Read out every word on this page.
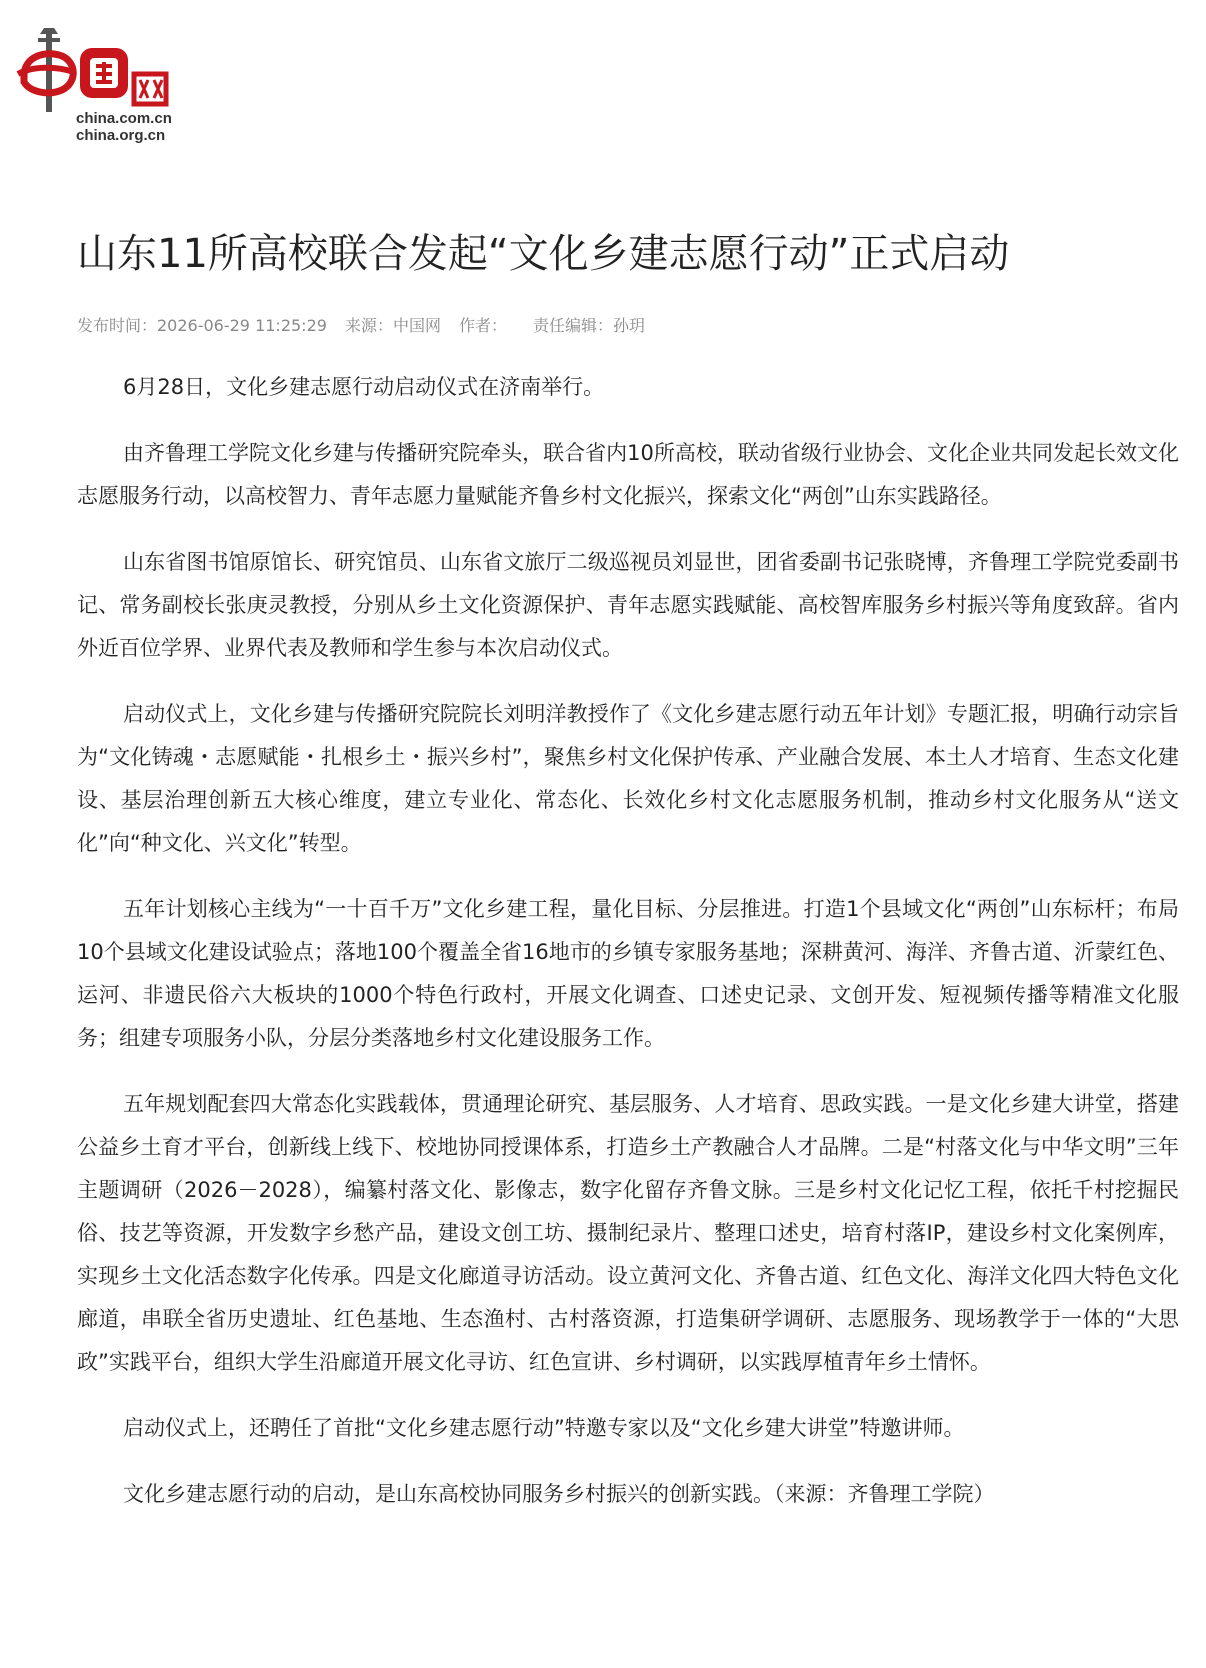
china.com.cn
china.org.cn
山东11所高校联合发起“文化乡建志愿行动”正式启动
发布时间：2026-06-29 11:25:29 来源：中国网 作者： 责任编辑：孙玥

6月28日，文化乡建志愿行动启动仪式在济南举行。

由齐鲁理工学院文化乡建与传播研究院牵头，联合省内10所高校，联动省级行业协会、文化企业共同发起长效文化志愿服务行动，以高校智力、青年志愿力量赋能齐鲁乡村文化振兴，探索文化“两创”山东实践路径。

山东省图书馆原馆长、研究馆员、山东省文旅厅二级巡视员刘显世，团省委副书记张晓博，齐鲁理工学院党委副书记、常务副校长张庚灵教授，分别从乡土文化资源保护、青年志愿实践赋能、高校智库服务乡村振兴等角度致辞。省内外近百位学界、业界代表及教师和学生参与本次启动仪式。

启动仪式上，文化乡建与传播研究院院长刘明洋教授作了《文化乡建志愿行动五年计划》专题汇报，明确行动宗旨为“文化铸魂・志愿赋能・扎根乡土・振兴乡村”，聚焦乡村文化保护传承、产业融合发展、本土人才培育、生态文化建设、基层治理创新五大核心维度，建立专业化、常态化、长效化乡村文化志愿服务机制，推动乡村文化服务从“送文化”向“种文化、兴文化”转型。

五年计划核心主线为“一十百千万”文化乡建工程，量化目标、分层推进。打造1个县域文化“两创”山东标杆；布局10个县域文化建设试验点；落地100个覆盖全省16地市的乡镇专家服务基地；深耕黄河、海洋、齐鲁古道、沂蒙红色、运河、非遗民俗六大板块的1000个特色行政村，开展文化调查、口述史记录、文创开发、短视频传播等精准文化服务；组建专项服务小队，分层分类落地乡村文化建设服务工作。

五年规划配套四大常态化实践载体，贯通理论研究、基层服务、人才培育、思政实践。一是文化乡建大讲堂，搭建公益乡土育才平台，创新线上线下、校地协同授课体系，打造乡土产教融合人才品牌。二是“村落文化与中华文明”三年主题调研（2026－2028），编纂村落文化、影像志，数字化留存齐鲁文脉。三是乡村文化记忆工程，依托千村挖掘民俗、技艺等资源，开发数字乡愁产品，建设文创工坊、摄制纪录片、整理口述史，培育村落IP，建设乡村文化案例库，实现乡土文化活态数字化传承。四是文化廊道寻访活动。设立黄河文化、齐鲁古道、红色文化、海洋文化四大特色文化廊道，串联全省历史遗址、红色基地、生态渔村、古村落资源，打造集研学调研、志愿服务、现场教学于一体的“大思政”实践平台，组织大学生沿廊道开展文化寻访、红色宣讲、乡村调研，以实践厚植青年乡土情怀。

启动仪式上，还聘任了首批“文化乡建志愿行动”特邀专家以及“文化乡建大讲堂”特邀讲师。

文化乡建志愿行动的启动，是山东高校协同服务乡村振兴的创新实践。（来源：齐鲁理工学院）
